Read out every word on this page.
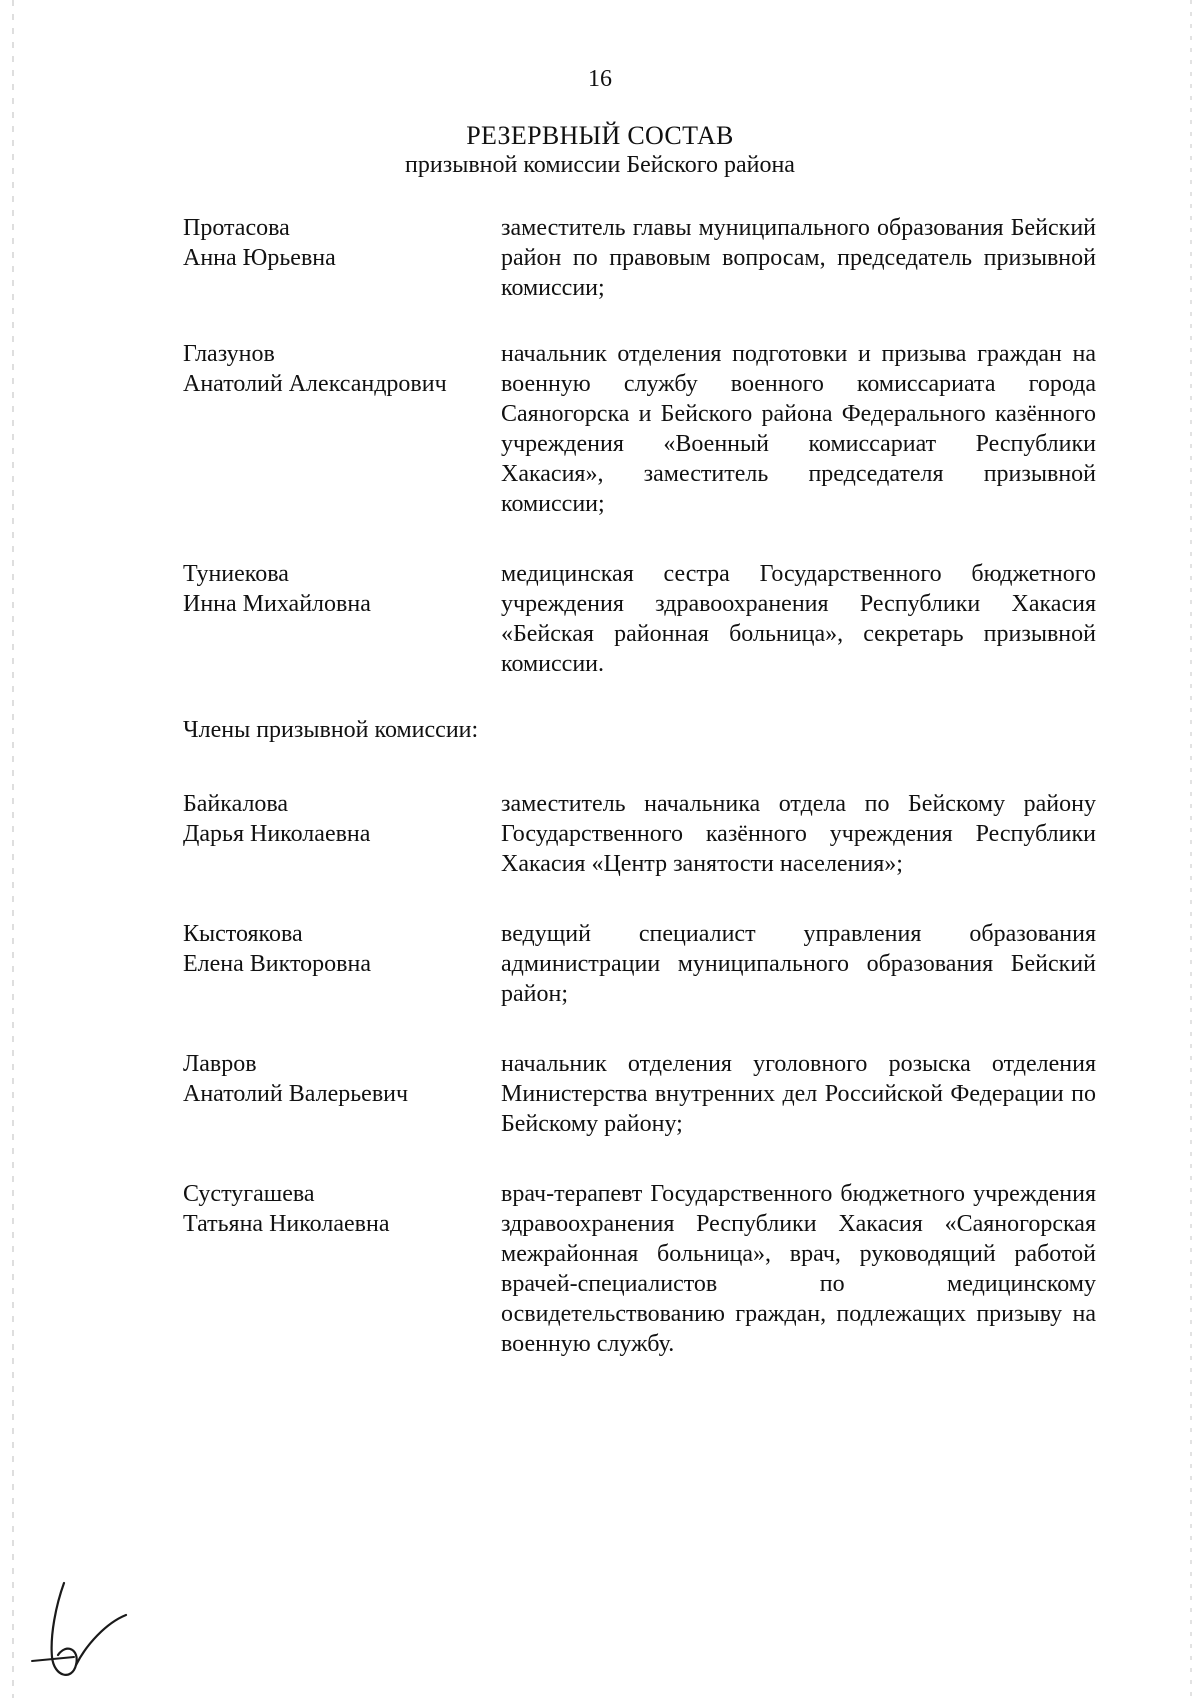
16
РЕЗЕРВНЫЙ СОСТАВ
призывной комиссии Бейского района
Протасова
Анна Юрьевна
заместитель главы муниципального образования Бейский район по правовым вопросам, председатель призывной комиссии;
Глазунов
Анатолий Александрович
начальник отделения подготовки и призыва граждан на военную службу военного комиссариата города Саяногорска и Бейского района Федерального казённого учреждения «Военный комиссариат Республики Хакасия», заместитель председателя призывной комиссии;
Туниекова
Инна Михайловна
медицинская сестра Государственного бюджетного учреждения здравоохранения Республики Хакасия «Бейская районная больница», секретарь призывной комиссии.
Члены призывной комиссии:
Байкалова
Дарья Николаевна
заместитель начальника отдела по Бейскому району Государственного казённого учреждения Республики Хакасия «Центр занятости населения»;
Кыстоякова
Елена Викторовна
ведущий специалист управления образования администрации муниципального образования Бейский район;
Лавров
Анатолий Валерьевич
начальник отделения уголовного розыска отделения Министерства внутренних дел Российской Федерации по Бейскому району;
Сустугашева
Татьяна Николаевна
врач-терапевт Государственного бюджетного учреждения здравоохранения Республики Хакасия «Саяногорская межрайонная больница», врач, руководящий работой врачей-специалистов по медицинскому освидетельствованию граждан, подлежащих призыву на военную службу.
